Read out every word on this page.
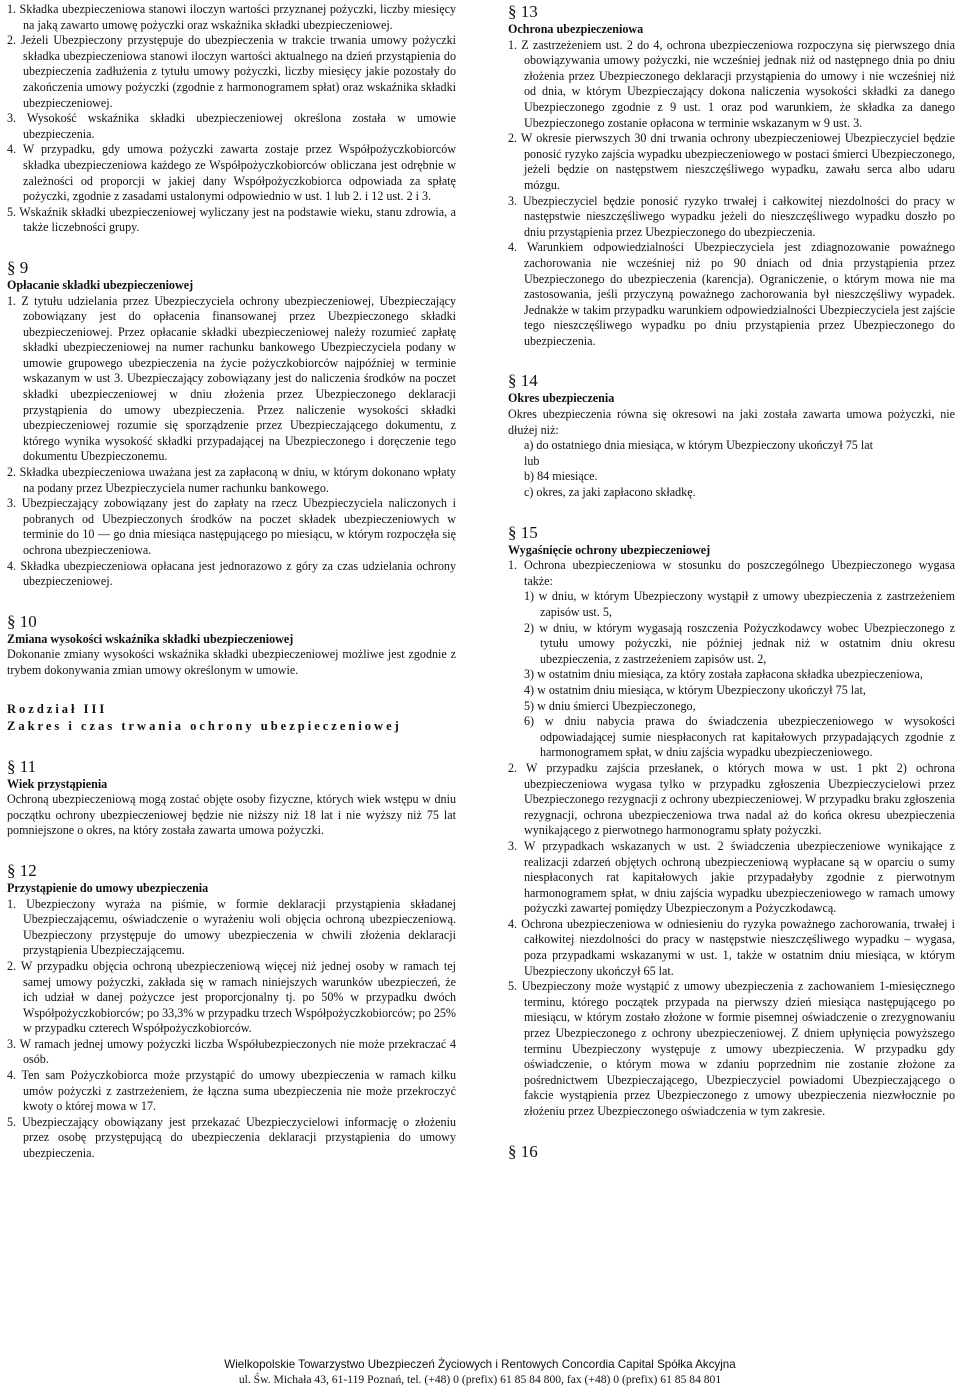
1. Składka ubezpieczeniowa stanowi iloczyn wartości przyznanej pożyczki, liczby miesięcy na jaką zawarto umowę pożyczki oraz wskaźnika składki ubezpieczeniowej.

2. Jeżeli Ubezpieczony przystępuje do ubezpieczenia w trakcie trwania umowy pożyczki składka ubezpieczeniowa stanowi iloczyn wartości aktualnego na dzień przystąpienia do ubezpieczenia zadłużenia z tytułu umowy pożyczki, liczby miesięcy jakie pozostały do zakończenia umowy pożyczki (zgodnie z harmonogramem spłat) oraz wskaźnika składki ubezpieczeniowej.

3. Wysokość wskaźnika składki ubezpieczeniowej określona została w umowie ubezpieczenia.

4. W przypadku, gdy umowa pożyczki zawarta zostaje przez Współpożyczkobiorców składka ubezpieczeniowa każdego ze Współpożyczkobiorców obliczana jest odrębnie w zależności od proporcji w jakiej dany Współpożyczkobiorca odpowiada za spłatę pożyczki, zgodnie z zasadami ustalonymi odpowiednio w ust. 1 lub 2. i 12 ust. 2 i 3.

5. Wskaźnik składki ubezpieczeniowej wyliczany jest na podstawie wieku, stanu zdrowia, a także liczebności grupy.

§ 9

Opłacanie składki ubezpieczeniowej

1. Z tytułu udzielania przez Ubezpieczyciela ochrony ubezpieczeniowej, Ubezpieczający zobowiązany jest do opłacenia finansowanej przez Ubezpieczonego składki ubezpieczeniowej. Przez opłacanie składki ubezpieczeniowej należy rozumieć zapłatę składki ubezpieczeniowej na numer rachunku bankowego Ubezpieczyciela podany w umowie grupowego ubezpieczenia na życie pożyczkobiorców najpóźniej w terminie wskazanym w ust 3. Ubezpieczający zobowiązany jest do naliczenia środków na poczet składki ubezpieczeniowej w dniu złożenia przez Ubezpieczonego deklaracji przystąpienia do umowy ubezpieczenia. Przez naliczenie wysokości składki ubezpieczeniowej rozumie się sporządzenie przez Ubezpieczającego dokumentu, z którego wynika wysokość składki przypadającej na Ubezpieczonego i doręczenie tego dokumentu Ubezpieczonemu.

2. Składka ubezpieczeniowa uważana jest za zapłaconą w dniu, w którym dokonano wpłaty na podany przez Ubezpieczyciela numer rachunku bankowego.

3. Ubezpieczający zobowiązany jest do zapłaty na rzecz Ubezpieczyciela naliczonych i pobranych od Ubezpieczonych środków na poczet składek ubezpieczeniowych w terminie do 10 — go dnia miesiąca następującego po miesiącu, w którym rozpoczęła się ochrona ubezpieczeniowa.

4. Składka ubezpieczeniowa opłacana jest jednorazowo z góry za czas udzielania ochrony ubezpieczeniowej.

§ 10

Zmiana wysokości wskaźnika składki ubezpieczeniowej

Dokonanie zmiany wysokości wskaźnika składki ubezpieczeniowej możliwe jest zgodnie z trybem dokonywania zmian umowy określonym w umowie.

Rozdział III

Zakres i czas trwania ochrony ubezpieczeniowej

§ 11

Wiek przystąpienia

Ochroną ubezpieczeniową mogą zostać objęte osoby fizyczne, których wiek wstępu w dniu początku ochrony ubezpieczeniowej będzie nie niższy niż 18 lat i nie wyższy niż 75 lat pomniejszone o okres, na który została zawarta umowa pożyczki.

§ 12

Przystąpienie do umowy ubezpieczenia

1. Ubezpieczony wyraża na piśmie, w formie deklaracji przystąpienia składanej Ubezpieczającemu, oświadczenie o wyrażeniu woli objęcia ochroną ubezpieczeniową. Ubezpieczony przystępuje do umowy ubezpieczenia w chwili złożenia deklaracji przystąpienia Ubezpieczającemu.

2. W przypadku objęcia ochroną ubezpieczeniową więcej niż jednej osoby w ramach tej samej umowy pożyczki, zakłada się w ramach niniejszych warunków ubezpieczeń, że ich udział w danej pożyczce jest proporcjonalny tj. po 50% w przypadku dwóch Współpożyczkobiorców; po 33,3% w przypadku trzech Współpożyczkobiorców; po 25% w przypadku czterech Współpożyczkobiorców.

3. W ramach jednej umowy pożyczki liczba Współubezpieczonych nie może przekraczać 4 osób.

4. Ten sam Pożyczkobiorca może przystąpić do umowy ubezpieczenia w ramach kilku umów pożyczki z zastrzeżeniem, że łączna suma ubezpieczenia nie może przekroczyć kwoty o której mowa w 17.

5. Ubezpieczający obowiązany jest przekazać Ubezpieczycielowi informację o złożeniu przez osobę przystępującą do ubezpieczenia deklaracji przystąpienia do umowy ubezpieczenia.

§ 13

Ochrona ubezpieczeniowa

1. Z zastrzeżeniem ust. 2 do 4, ochrona ubezpieczeniowa rozpoczyna się pierwszego dnia obowiązywania umowy pożyczki, nie wcześniej jednak niż od następnego dnia po dniu złożenia przez Ubezpieczonego deklaracji przystąpienia do umowy i nie wcześniej niż od dnia, w którym Ubezpieczający dokona naliczenia wysokości składki za danego Ubezpieczonego zgodnie z 9 ust. 1 oraz pod warunkiem, że składka za danego Ubezpieczonego zostanie opłacona w terminie wskazanym w 9 ust. 3.

2. W okresie pierwszych 30 dni trwania ochrony ubezpieczeniowej Ubezpieczyciel będzie ponosić ryzyko zajścia wypadku ubezpieczeniowego w postaci śmierci Ubezpieczonego, jeżeli będzie on następstwem nieszczęśliwego wypadku, zawału serca albo udaru mózgu.

3. Ubezpieczyciel będzie ponosić ryzyko trwałej i całkowitej niezdolności do pracy w następstwie nieszczęśliwego wypadku jeżeli do nieszczęśliwego wypadku doszło po dniu przystąpienia przez Ubezpieczonego do ubezpieczenia.

4. Warunkiem odpowiedzialności Ubezpieczyciela jest zdiagnozowanie poważnego zachorowania nie wcześniej niż po 90 dniach od dnia przystąpienia przez Ubezpieczonego do ubezpieczenia (karencja). Ograniczenie, o którym mowa nie ma zastosowania, jeśli przyczyną poważnego zachorowania był nieszczęśliwy wypadek. Jednakże w takim przypadku warunkiem odpowiedzialności Ubezpieczyciela jest zajście tego nieszczęśliwego wypadku po dniu przystąpienia przez Ubezpieczonego do ubezpieczenia.

§ 14

Okres ubezpieczenia

Okres ubezpieczenia równa się okresowi na jaki została zawarta umowa pożyczki, nie dłużej niż:

a) do ostatniego dnia miesiąca, w którym Ubezpieczony ukończył 75 lat

lub

b) 84 miesiące.

c) okres, za jaki zapłacono składkę.

§ 15

Wygaśnięcie ochrony ubezpieczeniowej

1. Ochrona ubezpieczeniowa w stosunku do poszczególnego Ubezpieczonego wygasa także:

1) w dniu, w którym Ubezpieczony wystąpił z umowy ubezpieczenia z zastrzeżeniem zapisów ust. 5,

2) w dniu, w którym wygasają roszczenia Pożyczkodawcy wobec Ubezpieczonego z tytułu umowy pożyczki, nie później jednak niż w ostatnim dniu okresu ubezpieczenia, z zastrzeżeniem zapisów ust. 2,

3) w ostatnim dniu miesiąca, za który została zapłacona składka ubezpieczeniowa,

4) w ostatnim dniu miesiąca, w którym Ubezpieczony ukończył 75 lat,

5) w dniu śmierci Ubezpieczonego,

6) w dniu nabycia prawa do świadczenia ubezpieczeniowego w wysokości odpowiadającej sumie niespłaconych rat kapitałowych przypadających zgodnie z harmonogramem spłat, w dniu zajścia wypadku ubezpieczeniowego.

2. W przypadku zajścia przesłanek, o których mowa w ust. 1 pkt 2) ochrona ubezpieczeniowa wygasa tylko w przypadku zgłoszenia Ubezpieczycielowi przez Ubezpieczonego rezygnacji z ochrony ubezpieczeniowej. W przypadku braku zgłoszenia rezygnacji, ochrona ubezpieczeniowa trwa nadal aż do końca okresu ubezpieczenia wynikającego z pierwotnego harmonogramu spłaty pożyczki.

3. W przypadkach wskazanych w ust. 2 świadczenia ubezpieczeniowe wynikające z realizacji zdarzeń objętych ochroną ubezpieczeniową wypłacane są w oparciu o sumy niespłaconych rat kapitałowych jakie przypadałyby zgodnie z pierwotnym harmonogramem spłat, w dniu zajścia wypadku ubezpieczeniowego w ramach umowy pożyczki zawartej pomiędzy Ubezpieczonym a Pożyczkodawcą.

4. Ochrona ubezpieczeniowa w odniesieniu do ryzyka poważnego zachorowania, trwałej i całkowitej niezdolności do pracy w następstwie nieszczęśliwego wypadku – wygasa, poza przypadkami wskazanymi w ust. 1, także w ostatnim dniu miesiąca, w którym Ubezpieczony ukończył 65 lat.

5. Ubezpieczony może wystąpić z umowy ubezpieczenia z zachowaniem 1-miesięcznego terminu, którego początek przypada na pierwszy dzień miesiąca następującego po miesiącu, w którym zostało złożone w formie pisemnej oświadczenie o zrezygnowaniu przez Ubezpieczonego z ochrony ubezpieczeniowej. Z dniem upłynięcia powyższego terminu Ubezpieczony występuje z umowy ubezpieczenia. W przypadku gdy oświadczenie, o którym mowa w zdaniu poprzednim nie zostanie złożone za pośrednictwem Ubezpieczającego, Ubezpieczyciel powiadomi Ubezpieczającego o fakcie wystąpienia przez Ubezpieczonego z umowy ubezpieczenia niezwłocznie po złożeniu przez Ubezpieczonego oświadczenia w tym zakresie.

§ 16

Wielkopolskie Towarzystwo Ubezpieczeń Życiowych i Rentowych Concordia Capital Spółka Akcyjna
ul. Św. Michała 43, 61-119 Poznań, tel. (+48) 0 (prefix) 61 85 84 800, fax (+48) 0 (prefix) 61 85 84 801
